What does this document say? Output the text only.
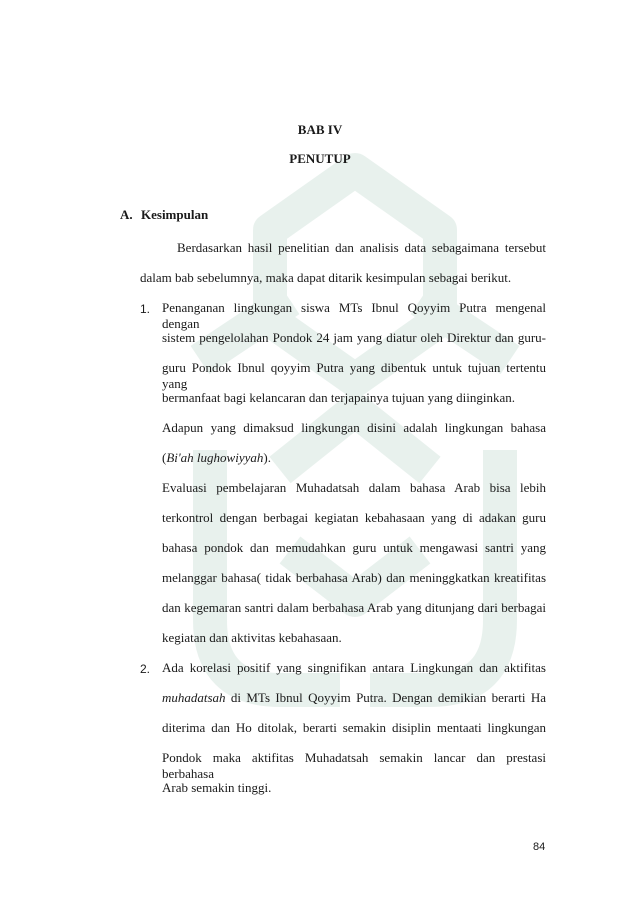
BAB IV
PENUTUP
A. Kesimpulan
Berdasarkan hasil penelitian dan analisis data sebagaimana tersebut
dalam bab sebelumnya, maka dapat ditarik kesimpulan sebagai berikut.
1. Penanganan lingkungan siswa MTs Ibnul Qoyyim Putra mengenal dengan
sistem pengelolahan Pondok 24 jam yang diatur oleh Direktur dan guru-
guru Pondok Ibnul qoyyim Putra yang dibentuk untuk tujuan tertentu yang
bermanfaat bagi kelancaran dan terjapainya tujuan yang diinginkan.
Adapun yang dimaksud lingkungan disini adalah lingkungan bahasa
(Bi'ah lughowiyyah).
Evaluasi pembelajaran Muhadatsah dalam bahasa Arab bisa lebih
terkontrol dengan berbagai kegiatan kebahasaan yang di adakan guru
bahasa pondok dan memudahkan guru untuk mengawasi santri yang
melanggar bahasa( tidak berbahasa Arab) dan meninggkatkan kreatifitas
dan kegemaran santri dalam berbahasa Arab yang ditunjang dari berbagai
kegiatan dan aktivitas kebahasaan.
2. Ada korelasi positif yang singnifikan antara Lingkungan dan aktifitas
muhadatsah di MTs Ibnul Qoyyim Putra. Dengan demikian berarti Ha
diterima dan Ho ditolak, berarti semakin disiplin mentaati lingkungan
Pondok maka aktifitas Muhadatsah semakin lancar dan prestasi berbahasa
Arab semakin tinggi.
84
